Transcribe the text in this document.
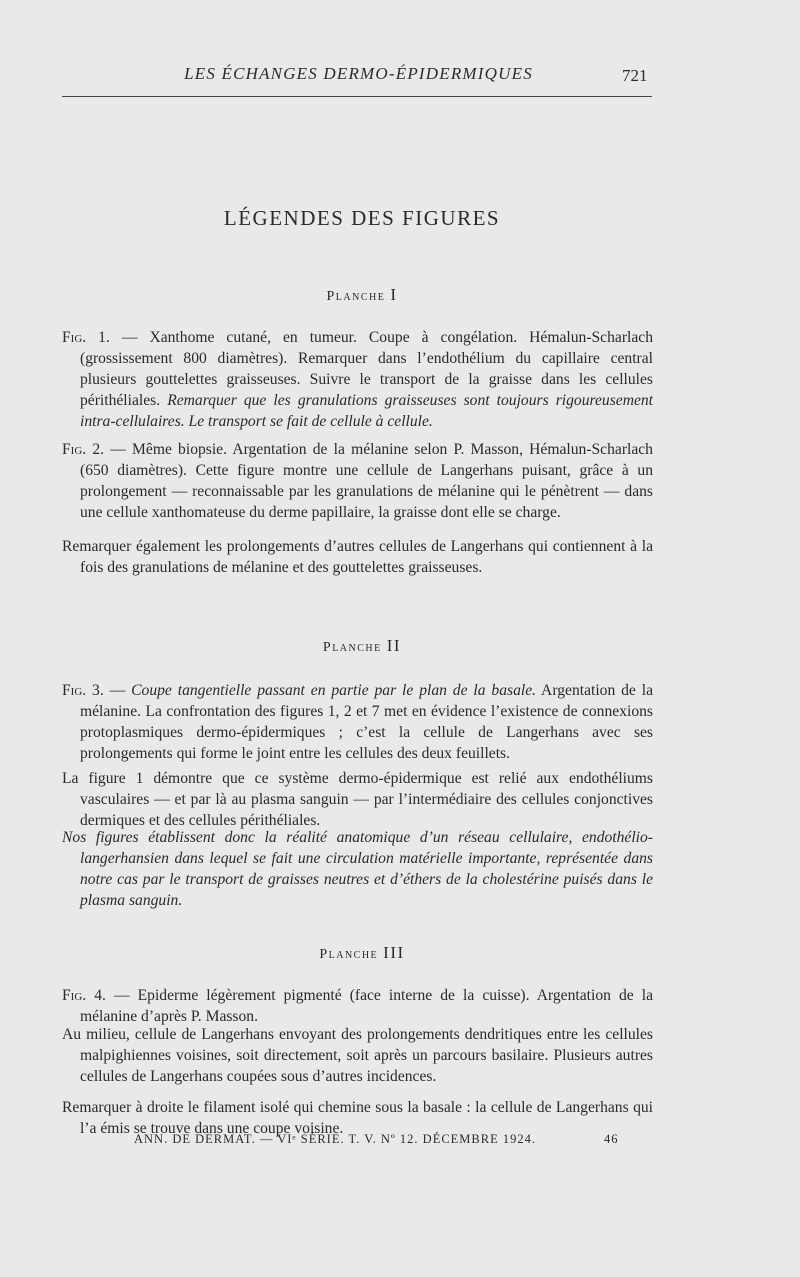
LES ÉCHANGES DERMO-ÉPIDERMIQUES	721
LÉGENDES DES FIGURES
Planche I
Fig. 1. — Xanthome cutané, en tumeur. Coupe à congélation. Hémalun-Scharlach (grossissement 800 diamètres). Remarquer dans l’endothélium du capillaire central plusieurs gouttelettes graisseuses. Suivre le transport de la graisse dans les cellules périthéliales. Remarquer que les granulations graisseuses sont toujours rigoureusement intra-cellulaires. Le transport se fait de cellule à cellule.
Fig. 2. — Même biopsie. Argentation de la mélanine selon P. Masson, Hémalun-Scharlach (650 diamètres). Cette figure montre une cellule de Langerhans puisant, grâce à un prolongement — reconnaissable par les granulations de mélanine qui le pénètrent — dans une cellule xanthomateuse du derme papillaire, la graisse dont elle se charge.
Remarquer également les prolongements d’autres cellules de Langerhans qui contiennent à la fois des granulations de mélanine et des gouttelettes graisseuses.
Planche II
Fig. 3. — Coupe tangentielle passant en partie par le plan de la basale. Argentation de la mélanine. La confrontation des figures 1, 2 et 7 met en évidence l’existence de connexions protoplasmiques dermo-épidermiques ; c’est la cellule de Langerhans avec ses prolongements qui forme le joint entre les cellules des deux feuillets.
La figure 1 démontre que ce système dermo-épidermique est relié aux endothéliums vasculaires — et par là au plasma sanguin — par l’intermédiaire des cellules conjonctives dermiques et des cellules périthéliales.
Nos figures établissent donc la réalité anatomique d’un réseau cellulaire, endothélio-langerhansien dans lequel se fait une circulation matérielle importante, représentée dans notre cas par le transport de graisses neutres et d’éthers de la cholestérine puisés dans le plasma sanguin.
Planche III
Fig. 4. — Epiderme légèrement pigmenté (face interne de la cuisse). Argentation de la mélanine d’après P. Masson.
Au milieu, cellule de Langerhans envoyant des prolongements dendritiques entre les cellules malpighiennes voisines, soit directement, soit après un parcours basilaire. Plusieurs autres cellules de Langerhans coupées sous d’autres incidences.
Remarquer à droite le filament isolé qui chemine sous la basale : la cellule de Langerhans qui l’a émis se trouve dans une coupe voisine.
ANN. DE DERMAT. — VIᵉ SÉRIE. T. V. Nº 12. DÉCEMBRE 1924.	46
